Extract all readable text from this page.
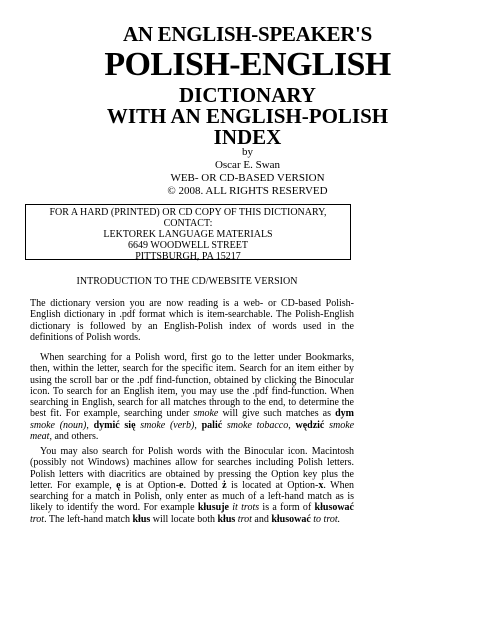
AN ENGLISH-SPEAKER'S
POLISH-ENGLISH
DICTIONARY
WITH AN ENGLISH-POLISH
INDEX
by
Oscar E. Swan
WEB- OR CD-BASED VERSION
© 2008. ALL RIGHTS RESERVED
FOR A HARD (PRINTED) OR CD COPY OF THIS DICTIONARY,
CONTACT:
LEKTOREK LANGUAGE MATERIALS
6649 WOODWELL STREET
PITTSBURGH, PA 15217
INTRODUCTION TO THE CD/WEBSITE VERSION

The dictionary version you are now reading is a web- or CD-based Polish-English dictionary in .pdf format which is item-searchable. The Polish-English dictionary is followed by an English-Polish index of words used in the definitions of Polish words.

 When searching for a Polish word, first go to the letter under Bookmarks, then, within the letter, search for the specific item. Search for an item either by using the scroll bar or the .pdf find-function, obtained by clicking the Binocular icon. To search for an English item, you may use the .pdf find-function. When searching in English, search for all matches through to the end, to determine the best fit. For example, searching under smoke will give such matches as dym smoke (noun), dymić się smoke (verb), palić smoke tobacco, wędzić smoke meat, and others.

 You may also search for Polish words with the Binocular icon. Macintosh (possibly not Windows) machines allow for searches including Polish letters. Polish letters with diacritics are obtained by pressing the Option key plus the letter. For example, ę is at Option-e. Dotted ż is located at Option-x. When searching for a match in Polish, only enter as much of a left-hand match as is likely to identify the word. For example kłusuje it trots is a form of kłusować trot. The left-hand match kłus will locate both kłus trot and kłusować to trot.
